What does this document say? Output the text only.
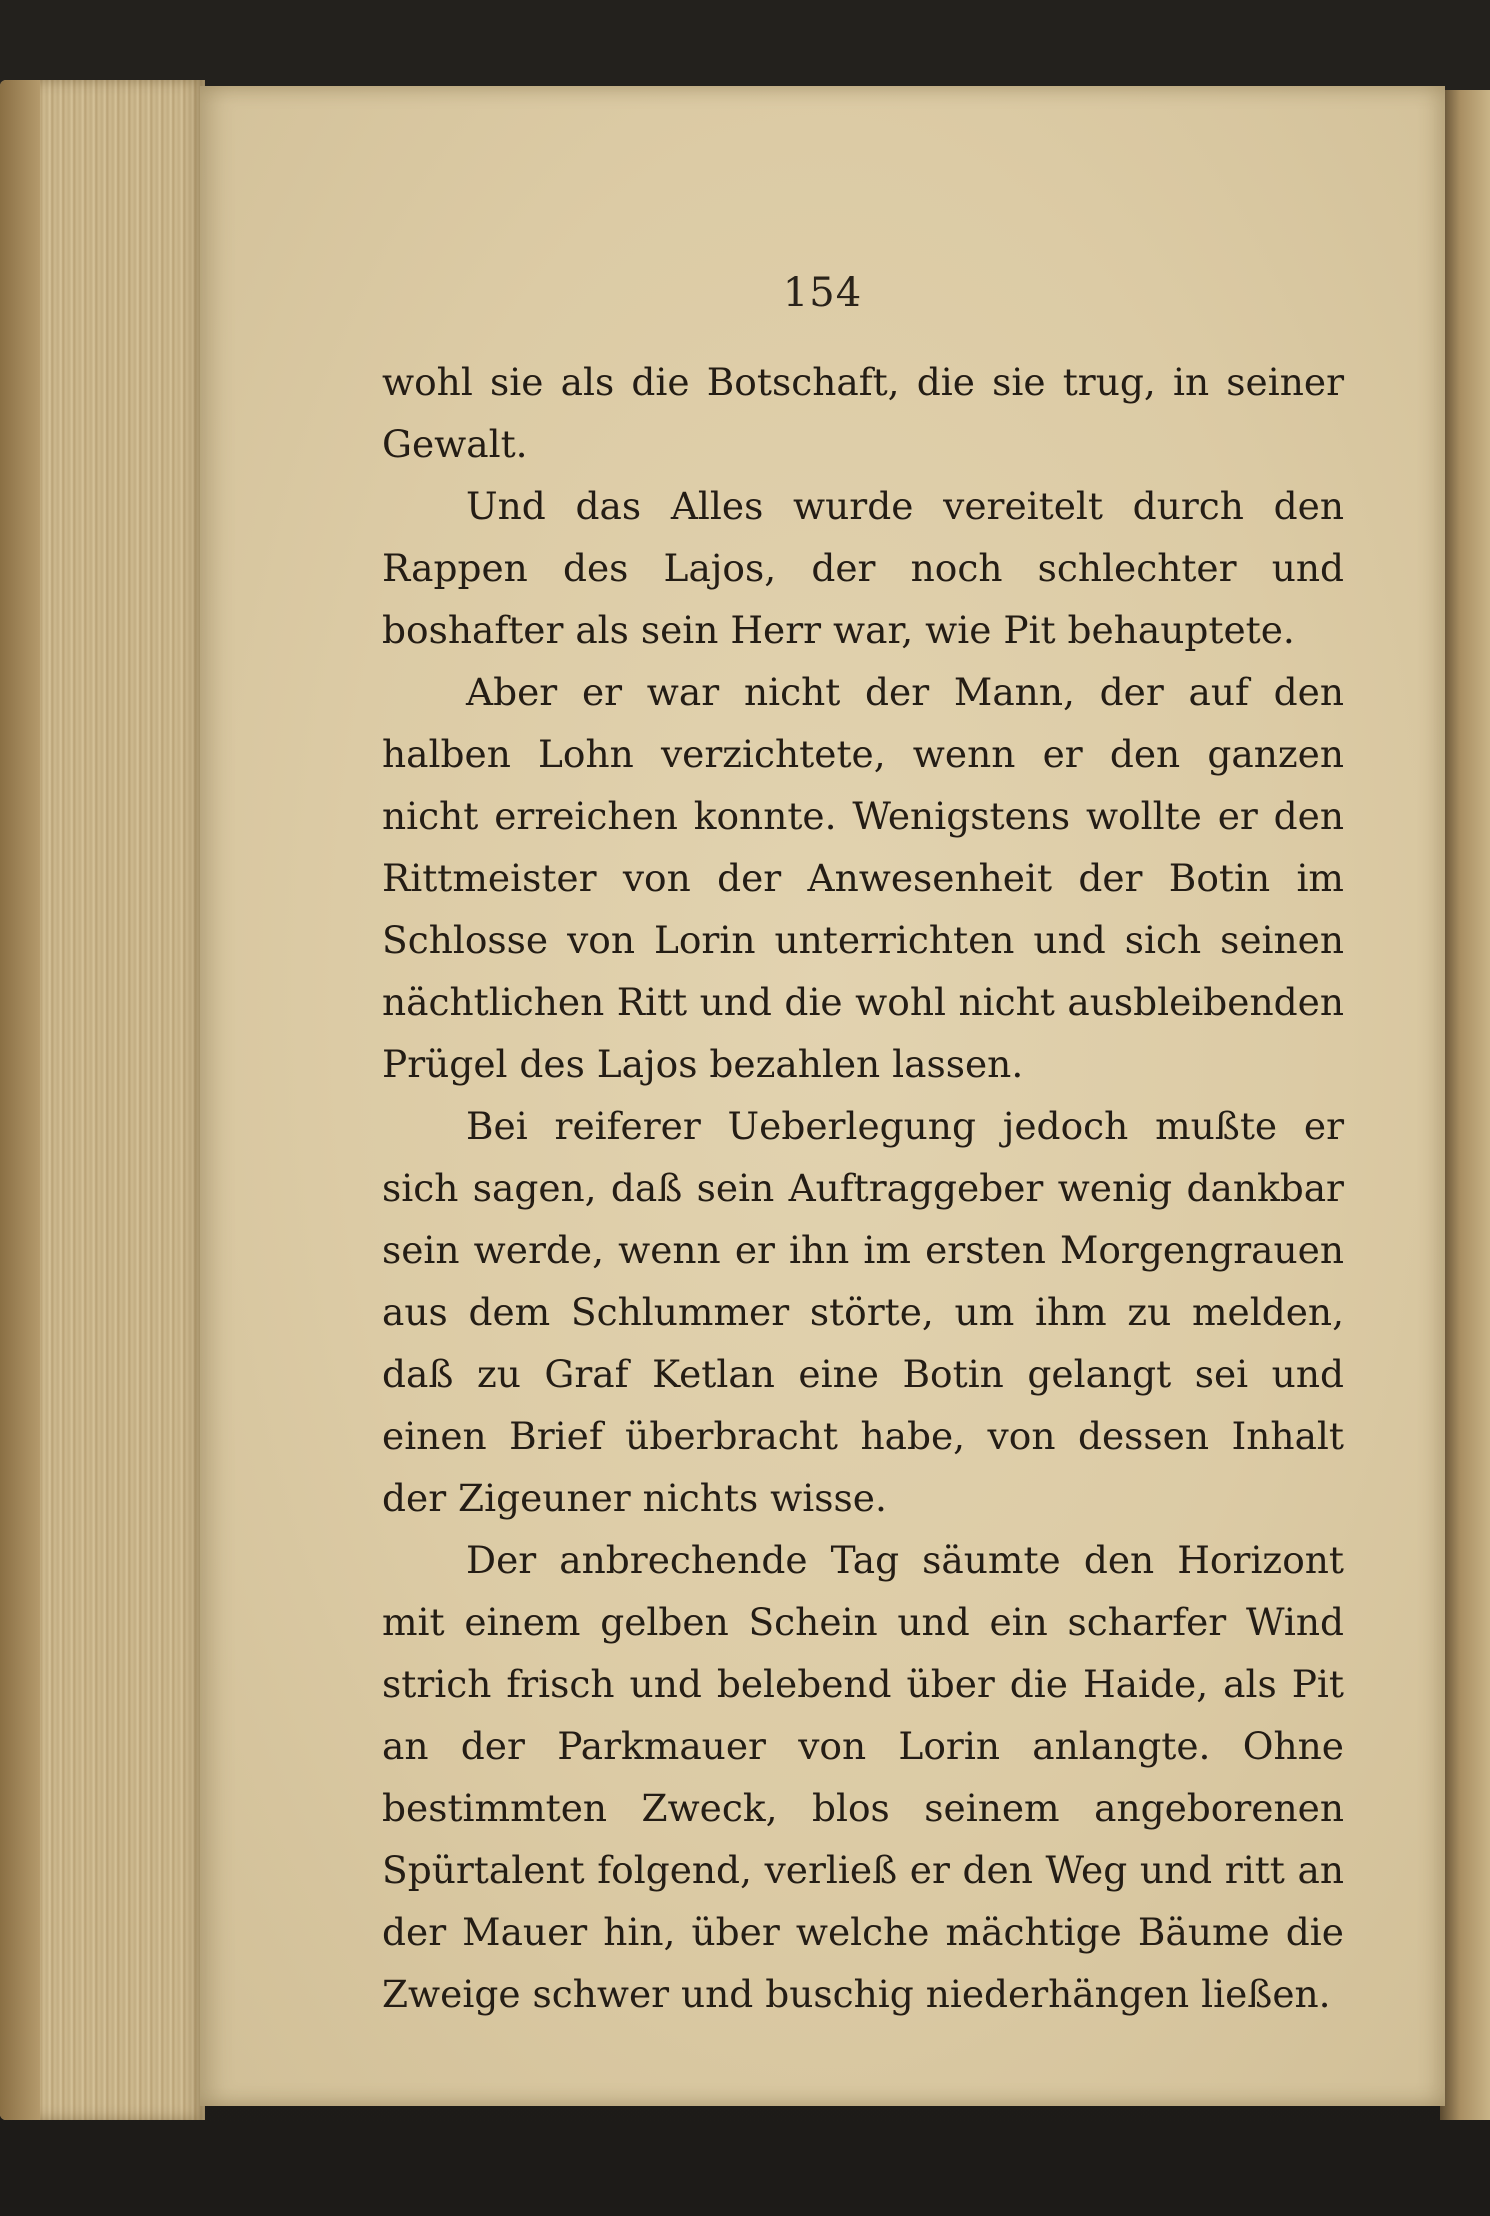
154

wohl sie als die Botschaft, die sie trug, in seiner Gewalt.

Und das Alles wurde vereitelt durch den Rappen des Lajos, der noch schlechter und boshafter als sein Herr war, wie Pit behauptete.

Aber er war nicht der Mann, der auf den halben Lohn verzichtete, wenn er den ganzen nicht erreichen konnte. Wenigstens wollte er den Rittmeister von der Anwesenheit der Botin im Schlosse von Lorin unterrichten und sich seinen nächtlichen Ritt und die wohl nicht ausbleibenden Prügel des Lajos bezahlen lassen.

Bei reiferer Ueberlegung jedoch mußte er sich sagen, daß sein Auftraggeber wenig dankbar sein werde, wenn er ihn im ersten Morgengrauen aus dem Schlummer störte, um ihm zu melden, daß zu Graf Ketlan eine Botin gelangt sei und einen Brief überbracht habe, von dessen Inhalt der Zigeuner nichts wisse.

Der anbrechende Tag säumte den Horizont mit einem gelben Schein und ein scharfer Wind strich frisch und belebend über die Haide, als Pit an der Parkmauer von Lorin anlangte. Ohne bestimmten Zweck, blos seinem angeborenen Spürtalent folgend, verließ er den Weg und ritt an der Mauer hin, über welche mächtige Bäume die Zweige schwer und buschig niederhängen ließen.
